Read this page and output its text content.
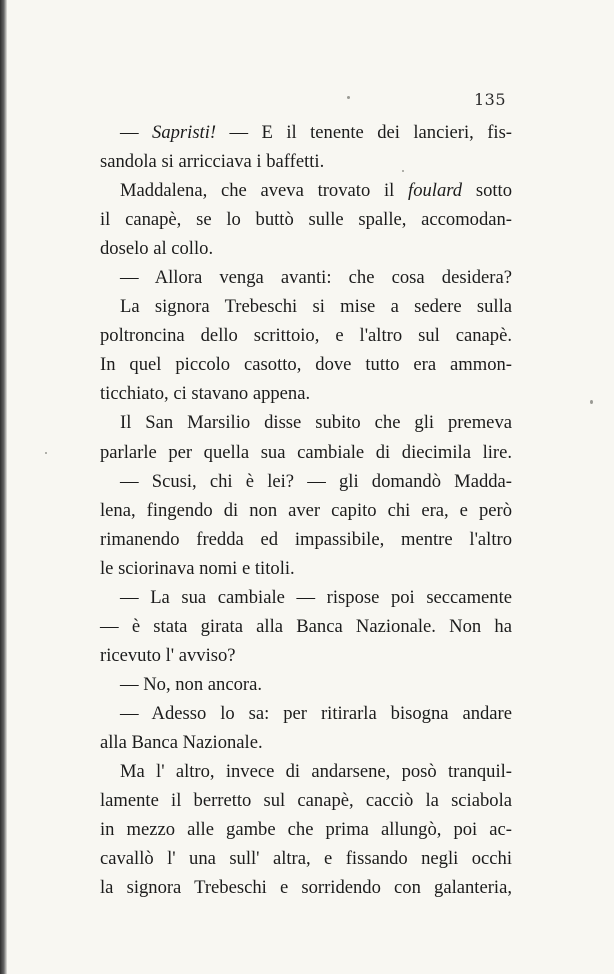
135
— Sapristi! — E il tenente dei lancieri, fis-
sandola si arricciava i baffetti.
Maddalena, che aveva trovato il foulard sotto
il canapè, se lo buttò sulle spalle, accomodan-
doselo al collo.
— Allora venga avanti: che cosa desidera?
La signora Trebeschi si mise a sedere sulla
poltroncina dello scrittoio, e l'altro sul canapè.
In quel piccolo casotto, dove tutto era ammon-
ticchiato, ci stavano appena.
Il San Marsilio disse subito che gli premeva
parlarle per quella sua cambiale di diecimila lire.
— Scusi, chi è lei? — gli domandò Madda-
lena, fingendo di non aver capito chi era, e però
rimanendo fredda ed impassibile, mentre l'altro
le sciorinava nomi e titoli.
— La sua cambiale — rispose poi seccamente
— è stata girata alla Banca Nazionale. Non ha
ricevuto l' avviso?
— No, non ancora.
— Adesso lo sa: per ritirarla bisogna andare
alla Banca Nazionale.
Ma l' altro, invece di andarsene, posò tranquil-
lamente il berretto sul canapè, cacciò la sciabola
in mezzo alle gambe che prima allungò, poi ac-
cavallò l' una sull' altra, e fissando negli occhi
la signora Trebeschi e sorridendo con galanteria,
